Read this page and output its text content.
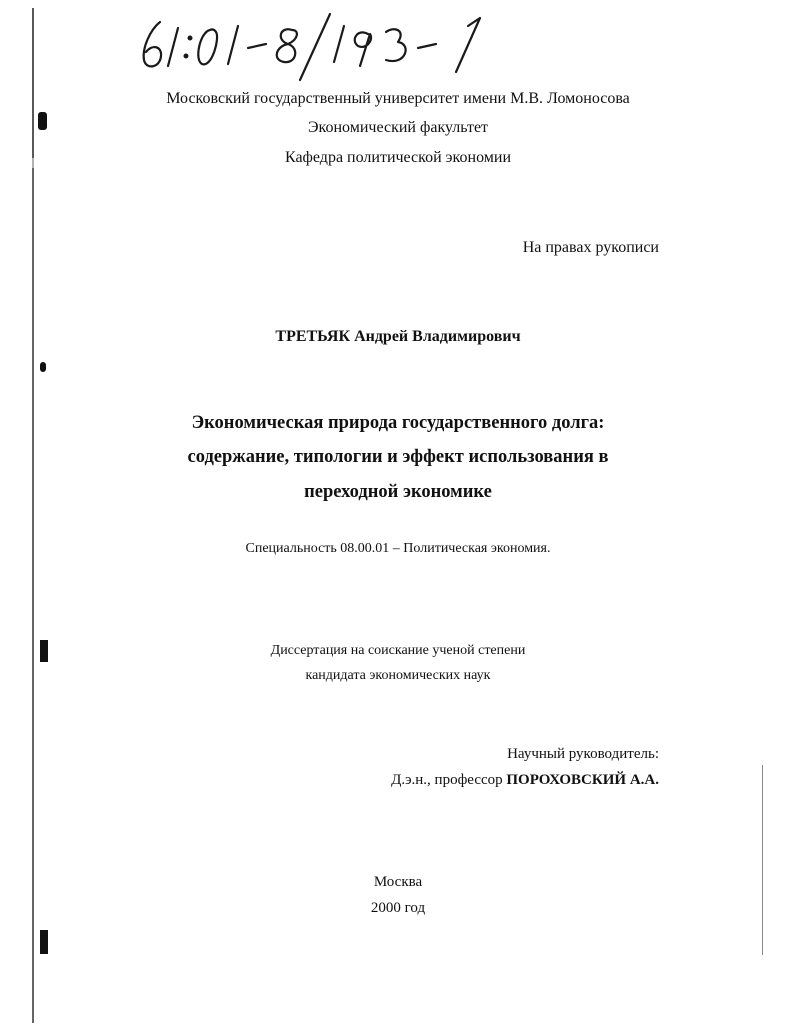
Московский государственный университет имени М.В. Ломоносова
Экономический факультет
Кафедра политической экономии
На правах рукописи
ТРЕТЬЯК Андрей Владимирович
Экономическая природа государственного долга:
содержание, типологии и эффект использования в
переходной экономике
Специальность 08.00.01 – Политическая экономия.
Диссертация на соискание ученой степени
кандидата экономических наук
Научный руководитель:
Д.э.н., профессор ПОРОХОВСКИЙ А.А.
Москва
2000 год
